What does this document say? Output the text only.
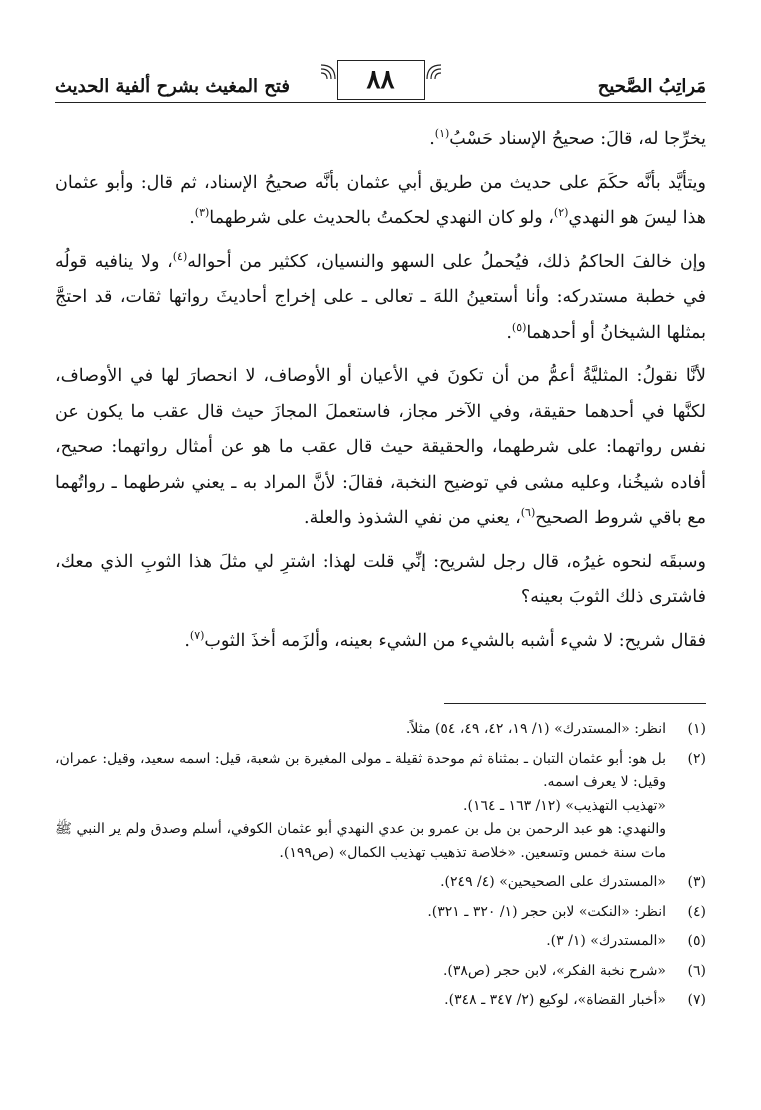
مَراتِبُ الصَّحيح
٨٨
فتح المغيث بشرح ألفية الحديث

يخرِّجا له، قالَ: صحيحُ الإسناد حَسْبُ$^{(١)}$.

ويتأيَّد بأنَّه حكَمَ على حديث من طريق أبي عثمان بأنَّه صحيحُ الإسناد، ثم قال: وأبو عثمان هذا ليسَ هو النهدي$^{(٢)}$، ولو كان النهدي لحكمتُ بالحديث على شرطهما$^{(٣)}$.

وإن خالفَ الحاكمُ ذلك، فيُحملُ على السهو والنسيان، ككثير من أحواله$^{(٤)}$، ولا ينافيه قولُه في خطبة مستدركه: وأنا أستعينُ اللهَ ـ تعالى ـ على إخراج أحاديثَ رواتها ثقات، قد احتجَّ بمثلها الشيخانُ أو أحدهما$^{(٥)}$.

لأنَّا نقولُ: المثليَّةُ أعمُّ من أن تكونَ في الأعيان أو الأوصاف، لا انحصارَ لها في الأوصاف، لكنَّها في أحدهما حقيقة، وفي الآخر مجاز، فاستعملَ المجازَ حيث قال عقب ما يكون عن نفس رواتهما: على شرطهما، والحقيقة حيث قال عقب ما هو عن أمثال رواتهما: صحيح، أفاده شيخُنا، وعليه مشى في توضيح النخبة، فقالَ: لأنَّ المراد به ـ يعني شرطهما ـ رواتُهما مع باقي شروط الصحيح$^{(٦)}$، يعني من نفي الشذوذ والعلة.

وسبقَه لنحوه غيرُه، قال رجل لشريح: إنِّي قلت لهذا: اشترِ لي مثلَ هذا الثوبِ الذي معك، فاشترى ذلك الثوبَ بعينه؟

فقال شريح: لا شيء أشبه بالشيء من الشيء بعينه، وألزَمه أخذَ الثوب$^{(٧)}$.

(١)
انظر: «المستدرك» (١/ ١٩، ٤٢، ٤٩، ٥٤) مثلاً.
(٢)
بل هو: أبو عثمان التبان ـ بمثناة ثم موحدة ثقيلة ـ مولى المغيرة بن شعبة، قيل: اسمه سعيد، وقيل: عمران، وقيل: لا يعرف اسمه.
«تهذيب التهذيب» (١٢/ ١٦٣ ـ ١٦٤).
والنهدي: هو عبد الرحمن بن مل بن عمرو بن عدي النهدي أبو عثمان الكوفي، أسلم وصدق ولم ير النبي ﷺ مات سنة خمس وتسعين. «خلاصة تذهيب تهذيب الكمال» (ص١٩٩).
(٣)
«المستدرك على الصحيحين» (٤/ ٢٤٩).
(٤)
انظر: «النكت» لابن حجر (١/ ٣٢٠ ـ ٣٢١).
(٥)
«المستدرك» (١/ ٣).
(٦)
«شرح نخبة الفكر»، لابن حجر (ص٣٨).
(٧)
«أخبار القضاة»، لوكيع (٢/ ٣٤٧ ـ ٣٤٨).
